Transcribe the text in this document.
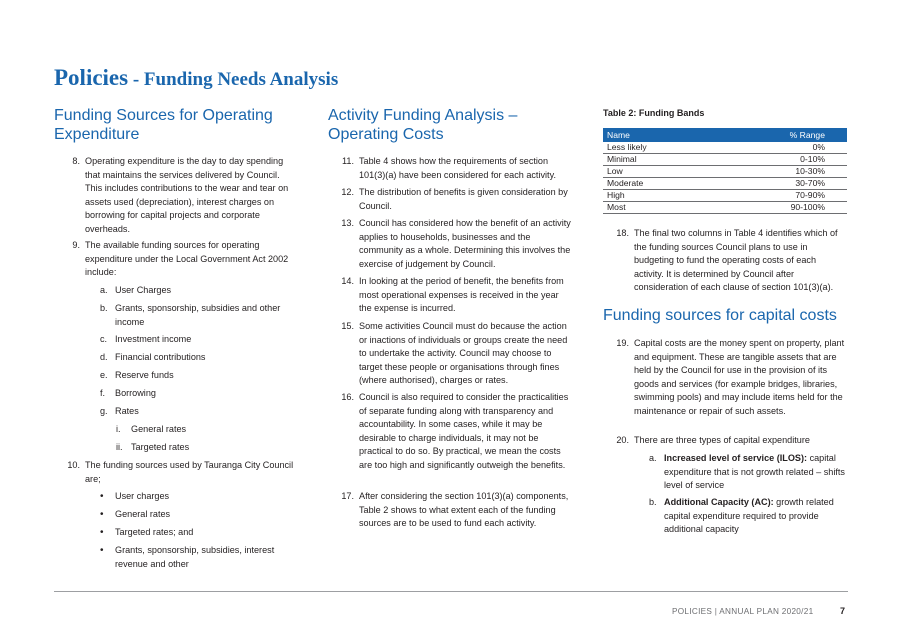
Policies - Funding Needs Analysis
Funding Sources for Operating Expenditure
8. Operating expenditure is the day to day spending that maintains the services delivered by Council. This includes contributions to the wear and tear on assets used (depreciation), interest charges on borrowing for capital projects and corporate overheads.
9. The available funding sources for operating expenditure under the Local Government Act 2002 include:
a. User Charges
b. Grants, sponsorship, subsidies and other income
c. Investment income
d. Financial contributions
e. Reserve funds
f. Borrowing
g. Rates
i. General rates
ii. Targeted rates
10. The funding sources used by Tauranga City Council are;
• User charges
• General rates
• Targeted rates; and
• Grants, sponsorship, subsidies, interest revenue and other
Activity Funding Analysis – Operating Costs
11. Table 4 shows how the requirements of section 101(3)(a) have been considered for each activity.
12. The distribution of benefits is given consideration by Council.
13. Council has considered how the benefit of an activity applies to households, businesses and the community as a whole. Determining this involves the exercise of judgement by Council.
14. In looking at the period of benefit, the benefits from most operational expenses is received in the year the expense is incurred.
15. Some activities Council must do because the action or inactions of individuals or groups create the need to undertake the activity. Council may choose to target these people or organisations through fines (where authorised), charges or rates.
16. Council is also required to consider the practicalities of separate funding along with transparency and accountability. In some cases, while it may be desirable to charge individuals, it may not be practical to do so. By practical, we mean the costs are too high and significantly outweigh the benefits.
17. After considering the section 101(3)(a) components, Table 2 shows to what extent each of the funding sources are to be used to fund each activity.

Table 2: Funding Bands

Name	% Range
Less likely	0%
Minimal	0-10%
Low	10-30%
Moderate	30-70%
High	70-90%
Most	90-100%
18. The final two columns in Table 4 identifies which of the funding sources Council plans to use in budgeting to fund the operating costs of each activity. It is determined by Council after consideration of each clause of section 101(3)(a).
Funding sources for capital costs
19. Capital costs are the money spent on property, plant and equipment. These are tangible assets that are held by the Council for use in the provision of its goods and services (for example bridges, libraries, swimming pools) and may include items held for the maintenance or repair of such assets.
20. There are three types of capital expenditure
a. Increased level of service (ILOS): capital expenditure that is not growth related – shifts level of service
b. Additional Capacity (AC): growth related capital expenditure required to provide additional capacity
POLICIES | ANNUAL PLAN 2020/21	7
